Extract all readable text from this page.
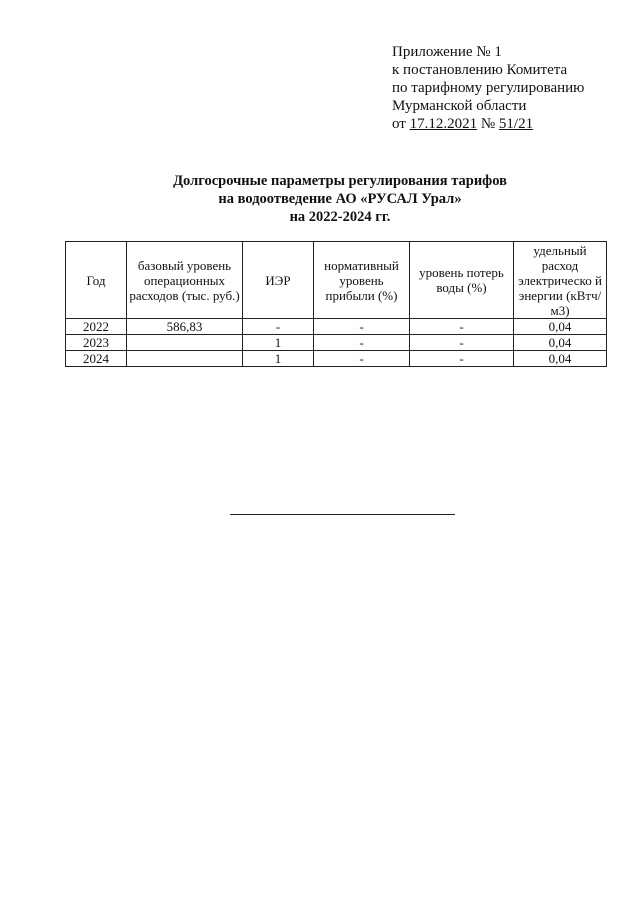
Приложение № 1
к постановлению Комитета
по тарифному регулированию
Мурманской области
от 17.12.2021 № 51/21
Долгосрочные параметры регулирования тарифов
на водоотведение АО «РУСАЛ Урал»
на 2022-2024 гг.
Год	базовый уровень операционных расходов (тыс. руб.)	ИЭР	нормативный уровень прибыли (%)	уровень потерь воды (%)	удельный расход электрическо й энергии (кВтч/м3)
2022	586,83	-	-	-	0,04
2023		1	-	-	0,04
2024		1	-	-	0,04
